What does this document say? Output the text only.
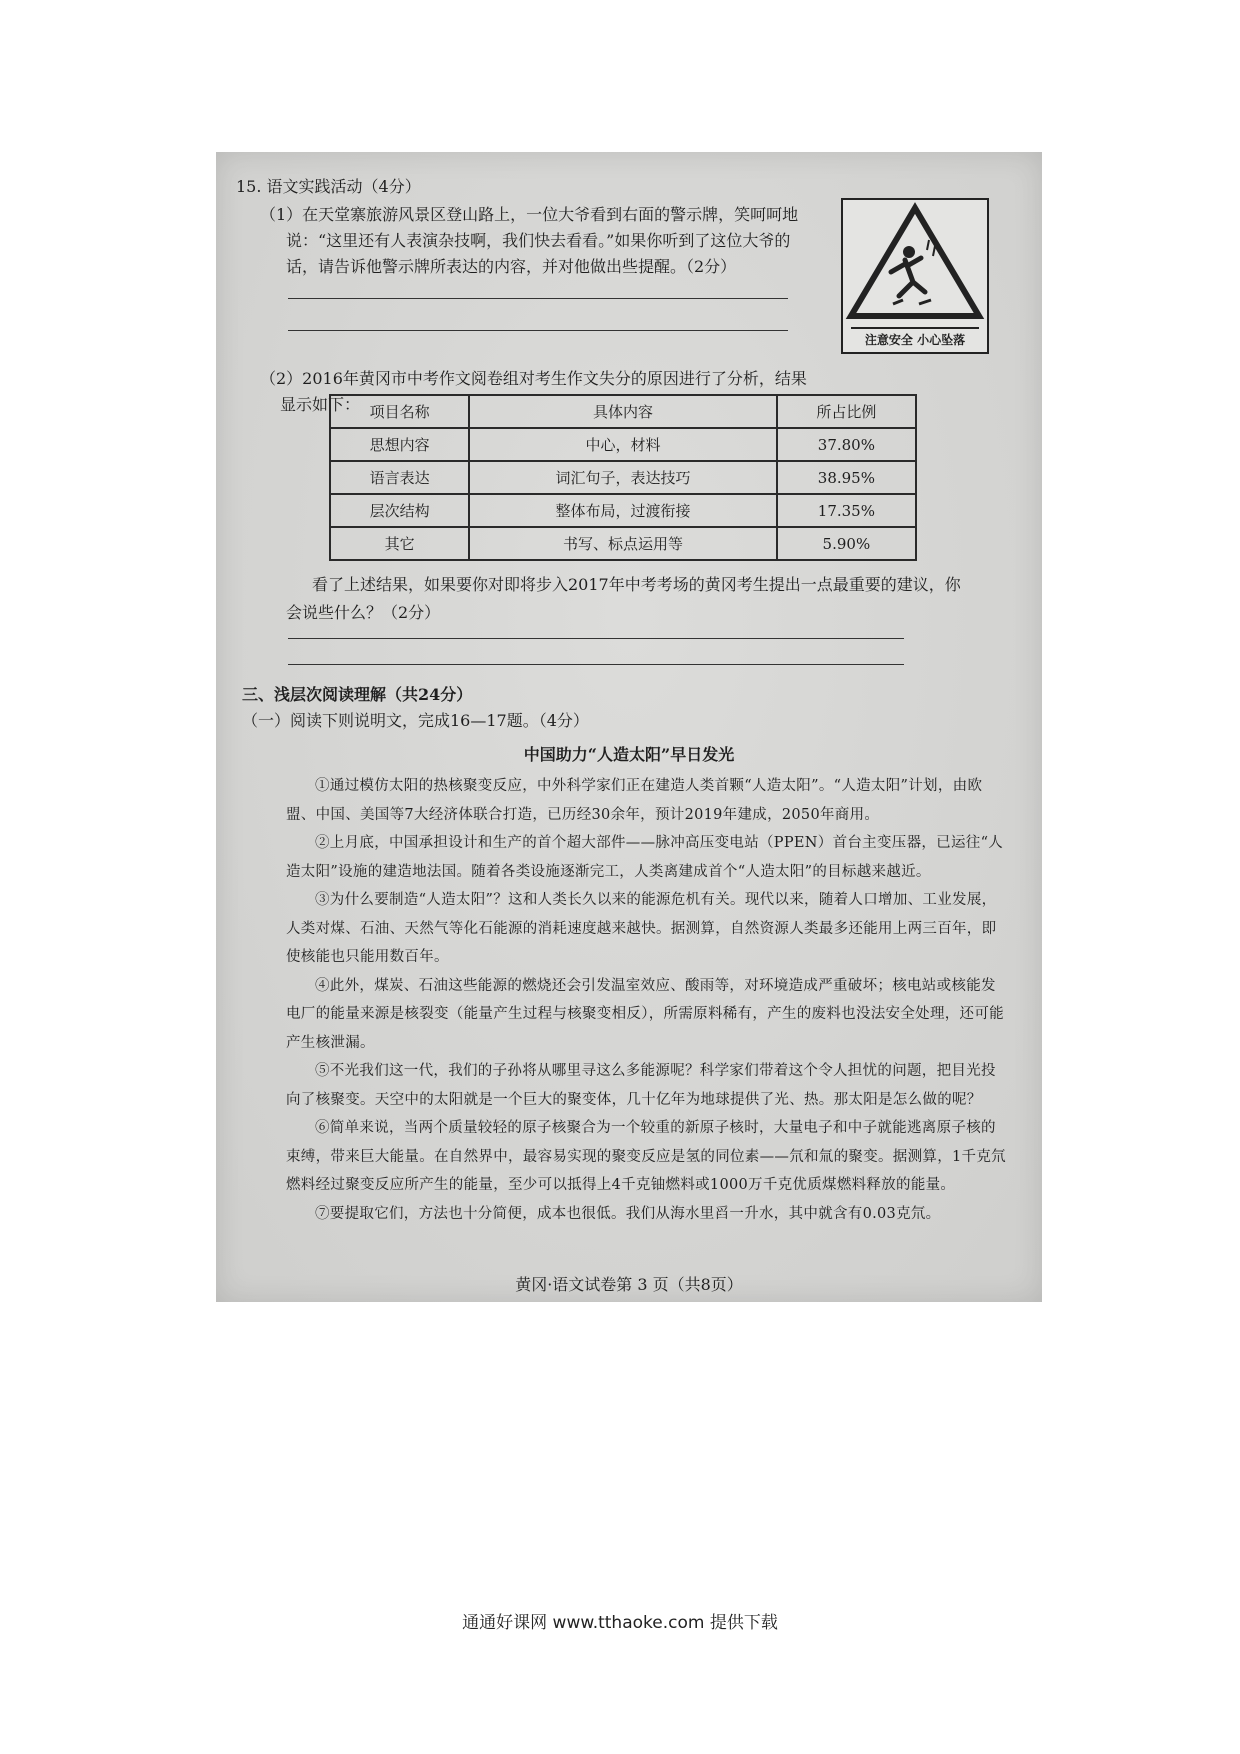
15. 语文实践活动（4分）
（1）在天堂寨旅游风景区登山路上，一位大爷看到右面的警示牌，笑呵呵地
说：“这里还有人表演杂技啊，我们快去看看。”如果你听到了这位大爷的
话，请告诉他警示牌所表达的内容，并对他做出些提醒。（2分）
注意安全 小心坠落
（2）2016年黄冈市中考作文阅卷组对考生作文失分的原因进行了分析，结果
显示如下： 项目名称	具体内容	所占比例
思想内容	中心，材料	37.80%
语言表达	词汇句子，表达技巧	38.95%
层次结构	整体布局，过渡衔接	17.35%
其它	书写、标点运用等	5.90%
看了上述结果，如果要你对即将步入2017年中考考场的黄冈考生提出一点最重要的建议，你
会说些什么？（2分）
三、浅层次阅读理解（共24分）
（一）阅读下则说明文，完成16—17题。（4分）
中国助力“人造太阳”早日发光
①通过模仿太阳的热核聚变反应，中外科学家们正在建造人类首颗“人造太阳”。“人造太阳”计划，由欧盟、中国、美国等7大经济体联合打造，已历经30余年，预计2019年建成，2050年商用。
②上月底，中国承担设计和生产的首个超大部件——脉冲高压变电站（PPEN）首台主变压器，已运往“人造太阳”设施的建造地法国。随着各类设施逐渐完工，人类离建成首个“人造太阳”的目标越来越近。
③为什么要制造“人造太阳”？这和人类长久以来的能源危机有关。现代以来，随着人口增加、工业发展，人类对煤、石油、天然气等化石能源的消耗速度越来越快。据测算，自然资源人类最多还能用上两三百年，即使核能也只能用数百年。
④此外，煤炭、石油这些能源的燃烧还会引发温室效应、酸雨等，对环境造成严重破坏；核电站或核能发电厂的能量来源是核裂变（能量产生过程与核聚变相反），所需原料稀有，产生的废料也没法安全处理，还可能产生核泄漏。
⑤不光我们这一代，我们的子孙将从哪里寻这么多能源呢？科学家们带着这个令人担忧的问题，把目光投向了核聚变。天空中的太阳就是一个巨大的聚变体，几十亿年为地球提供了光、热。那太阳是怎么做的呢？
⑥简单来说，当两个质量较轻的原子核聚合为一个较重的新原子核时，大量电子和中子就能逃离原子核的束缚，带来巨大能量。在自然界中，最容易实现的聚变反应是氢的同位素——氘和氚的聚变。据测算，1千克氘燃料经过聚变反应所产生的能量，至少可以抵得上4千克铀燃料或1000万千克优质煤燃料释放的能量。
⑦要提取它们，方法也十分简便，成本也很低。我们从海水里舀一升水，其中就含有0.03克氘。
黄冈·语文试卷第 3 页（共8页）
通通好课网 www.tthaoke.com 提供下载
